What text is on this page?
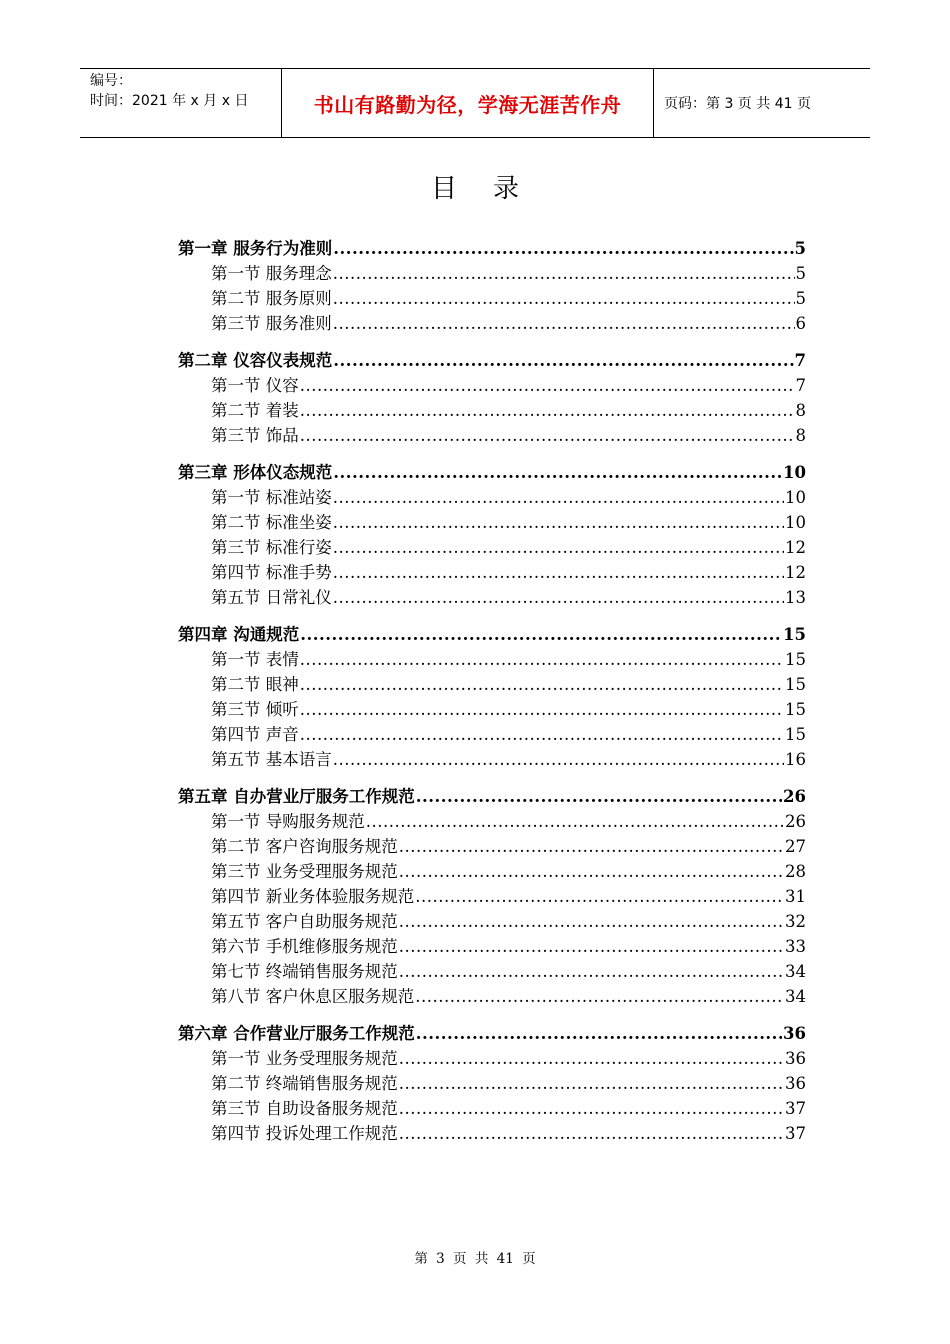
编号：
时间：2021 年 x 月 x 日	书山有路勤为径，学海无涯苦作舟	页码：第 3 页 共 41 页
目录
第一章 服务行为准则 .....	5
第一节 服务理念 .....	5
第二节 服务原则 .....	5
第三节 服务准则 .....	6
第二章 仪容仪表规范 .....	7
第一节 仪容 .....	7
第二节 着装 .....	8
第三节 饰品 .....	8
第三章 形体仪态规范 .....	10
第一节 标准站姿 .....	10
第二节 标准坐姿 .....	10
第三节 标准行姿 .....	12
第四节 标准手势 .....	12
第五节 日常礼仪 .....	13
第四章 沟通规范 .....	15
第一节 表情 .....	15
第二节 眼神 .....	15
第三节 倾听 .....	15
第四节 声音 .....	15
第五节 基本语言 .....	16
第五章 自办营业厅服务工作规范 .....	26
第一节 导购服务规范 .....	26
第二节 客户咨询服务规范 .....	27
第三节 业务受理服务规范 .....	28
第四节 新业务体验服务规范 .....	31
第五节 客户自助服务规范 .....	32
第六节 手机维修服务规范 .....	33
第七节 终端销售服务规范 .....	34
第八节 客户休息区服务规范 .....	34
第六章 合作营业厅服务工作规范 .....	36
第一节 业务受理服务规范 .....	36
第二节 终端销售服务规范 .....	36
第三节 自助设备服务规范 .....	37
第四节 投诉处理工作规范 .....	37
第 3 页 共 41 页
